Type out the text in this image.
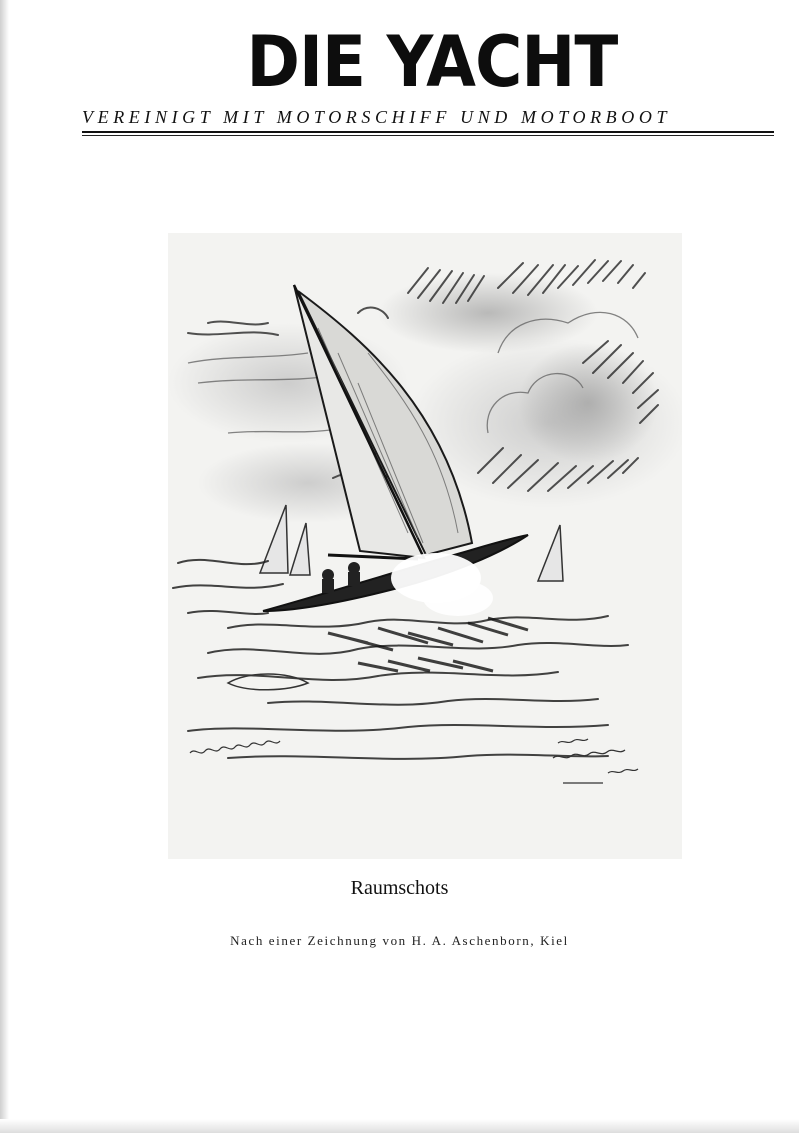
DIE YACHT
VEREINIGT MIT MOTORSCHIFF UND MOTORBOOT
Raumschots
Nach einer Zeichnung von H. A. Aschenborn, Kiel
